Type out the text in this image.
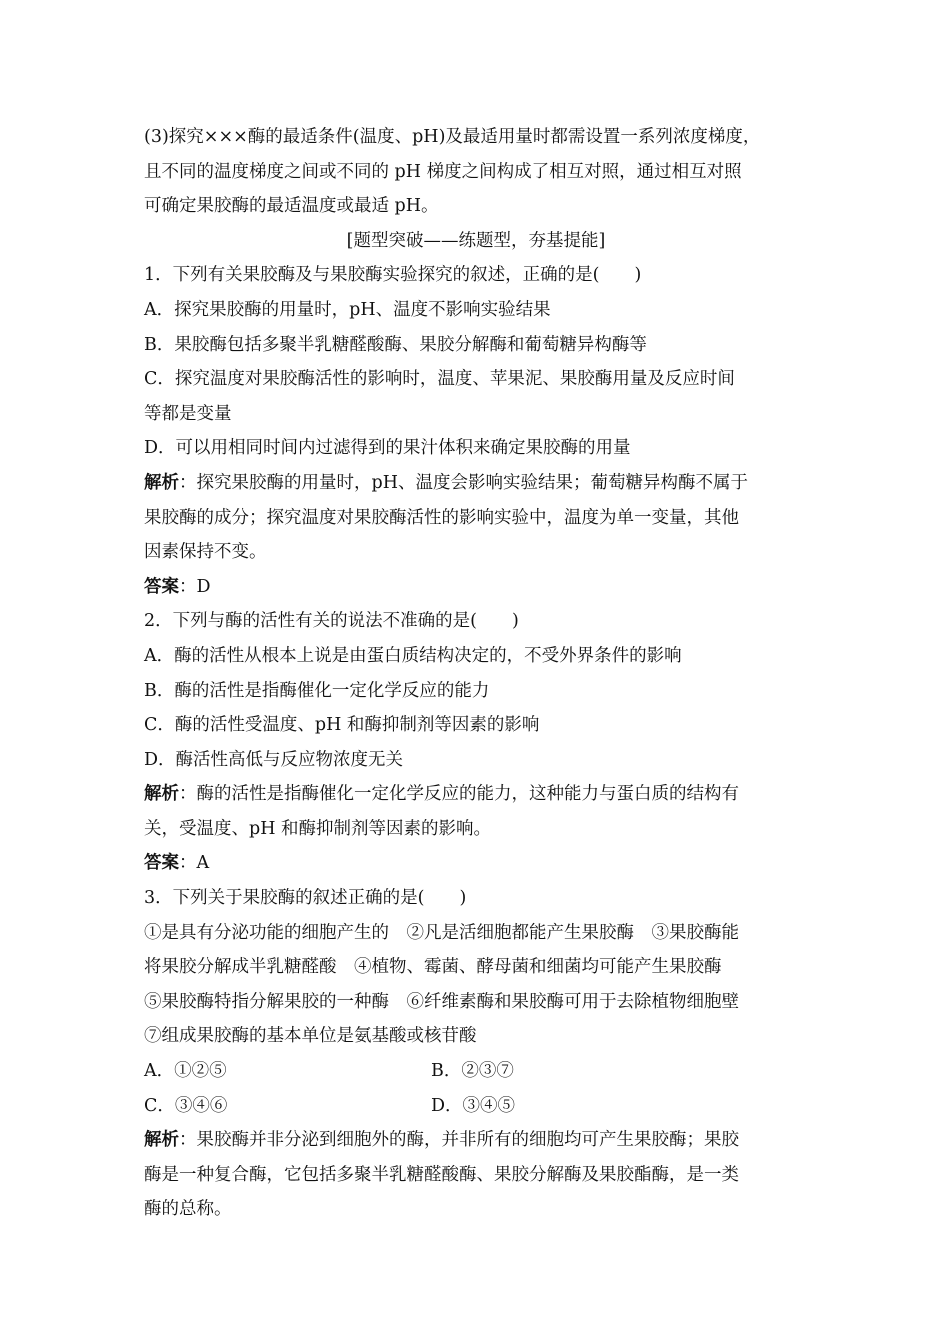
(3)探究×××酶的最适条件(温度、pH)及最适用量时都需设置一系列浓度梯度，
且不同的温度梯度之间或不同的 pH 梯度之间构成了相互对照，通过相互对照
可确定果胶酶的最适温度或最适 pH。
[题型突破——练题型，夯基提能]
1．下列有关果胶酶及与果胶酶实验探究的叙述，正确的是(　　)
A．探究果胶酶的用量时，pH、温度不影响实验结果
B．果胶酶包括多聚半乳糖醛酸酶、果胶分解酶和葡萄糖异构酶等
C．探究温度对果胶酶活性的影响时，温度、苹果泥、果胶酶用量及反应时间
等都是变量
D．可以用相同时间内过滤得到的果汁体积来确定果胶酶的用量
解析：探究果胶酶的用量时，pH、温度会影响实验结果；葡萄糖异构酶不属于
果胶酶的成分；探究温度对果胶酶活性的影响实验中，温度为单一变量，其他
因素保持不变。
答案：D
2．下列与酶的活性有关的说法不准确的是(　　)
A．酶的活性从根本上说是由蛋白质结构决定的，不受外界条件的影响
B．酶的活性是指酶催化一定化学反应的能力
C．酶的活性受温度、pH 和酶抑制剂等因素的影响
D．酶活性高低与反应物浓度无关
解析：酶的活性是指酶催化一定化学反应的能力，这种能力与蛋白质的结构有
关，受温度、pH 和酶抑制剂等因素的影响。
答案：A
3．下列关于果胶酶的叙述正确的是(　　)
①是具有分泌功能的细胞产生的　②凡是活细胞都能产生果胶酶　③果胶酶能
将果胶分解成半乳糖醛酸　④植物、霉菌、酵母菌和细菌均可能产生果胶酶
⑤果胶酶特指分解果胶的一种酶　⑥纤维素酶和果胶酶可用于去除植物细胞壁
⑦组成果胶酶的基本单位是氨基酸或核苷酸
A．①②⑤	B．②③⑦
C．③④⑥	D．③④⑤
解析：果胶酶并非分泌到细胞外的酶，并非所有的细胞均可产生果胶酶；果胶
酶是一种复合酶，它包括多聚半乳糖醛酸酶、果胶分解酶及果胶酯酶，是一类
酶的总称。
